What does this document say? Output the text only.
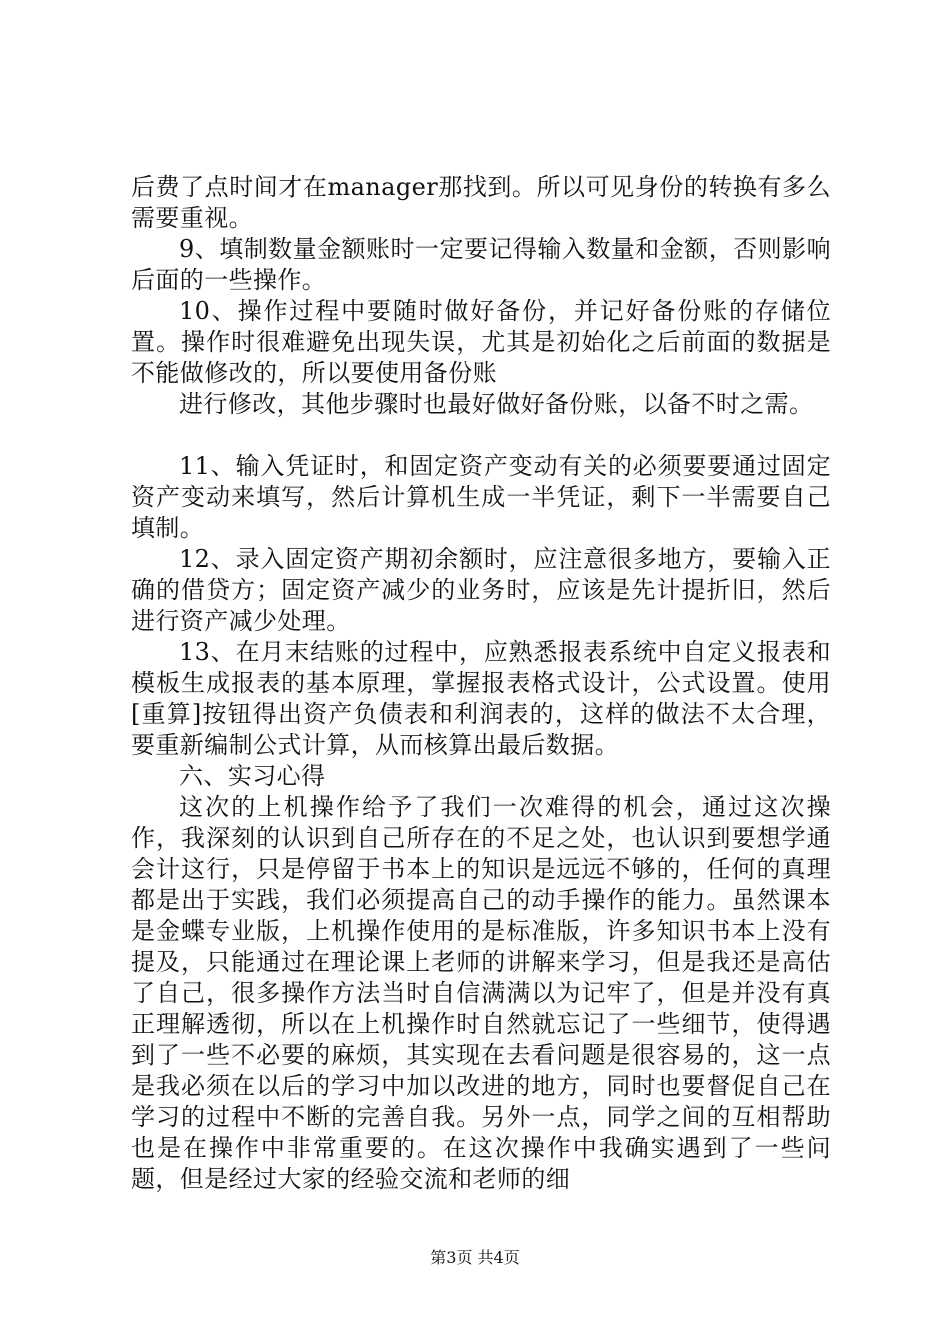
后费了点时间才在manager那找到。所以可见身份的转换有多么需要重视。

9、填制数量金额账时一定要记得输入数量和金额，否则影响后面的一些操作。

10、操作过程中要随时做好备份，并记好备份账的存储位置。操作时很难避免出现失误，尤其是初始化之后前面的数据是不能做修改的，所以要使用备份账

进行修改，其他步骤时也最好做好备份账，以备不时之需。

11、输入凭证时，和固定资产变动有关的必须要要通过固定资产变动来填写，然后计算机生成一半凭证，剩下一半需要自己填制。

12、录入固定资产期初余额时，应注意很多地方，要输入正确的借贷方；固定资产减少的业务时，应该是先计提折旧，然后进行资产减少处理。

13、在月末结账的过程中，应熟悉报表系统中自定义报表和模板生成报表的基本原理，掌握报表格式设计，公式设置。使用[重算]按钮得出资产负债表和利润表的，这样的做法不太合理，要重新编制公式计算，从而核算出最后数据。

六、实习心得

这次的上机操作给予了我们一次难得的机会，通过这次操作，我深刻的认识到自己所存在的不足之处，也认识到要想学通会计这行，只是停留于书本上的知识是远远不够的，任何的真理都是出于实践，我们必须提高自己的动手操作的能力。虽然课本是金蝶专业版，上机操作使用的是标准版，许多知识书本上没有提及，只能通过在理论课上老师的讲解来学习，但是我还是高估了自己，很多操作方法当时自信满满以为记牢了，但是并没有真正理解透彻，所以在上机操作时自然就忘记了一些细节，使得遇到了一些不必要的麻烦，其实现在去看问题是很容易的，这一点是我必须在以后的学习中加以改进的地方，同时也要督促自己在学习的过程中不断的完善自我。另外一点，同学之间的互相帮助也是在操作中非常重要的。在这次操作中我确实遇到了一些问题，但是经过大家的经验交流和老师的细

第3页 共4页
